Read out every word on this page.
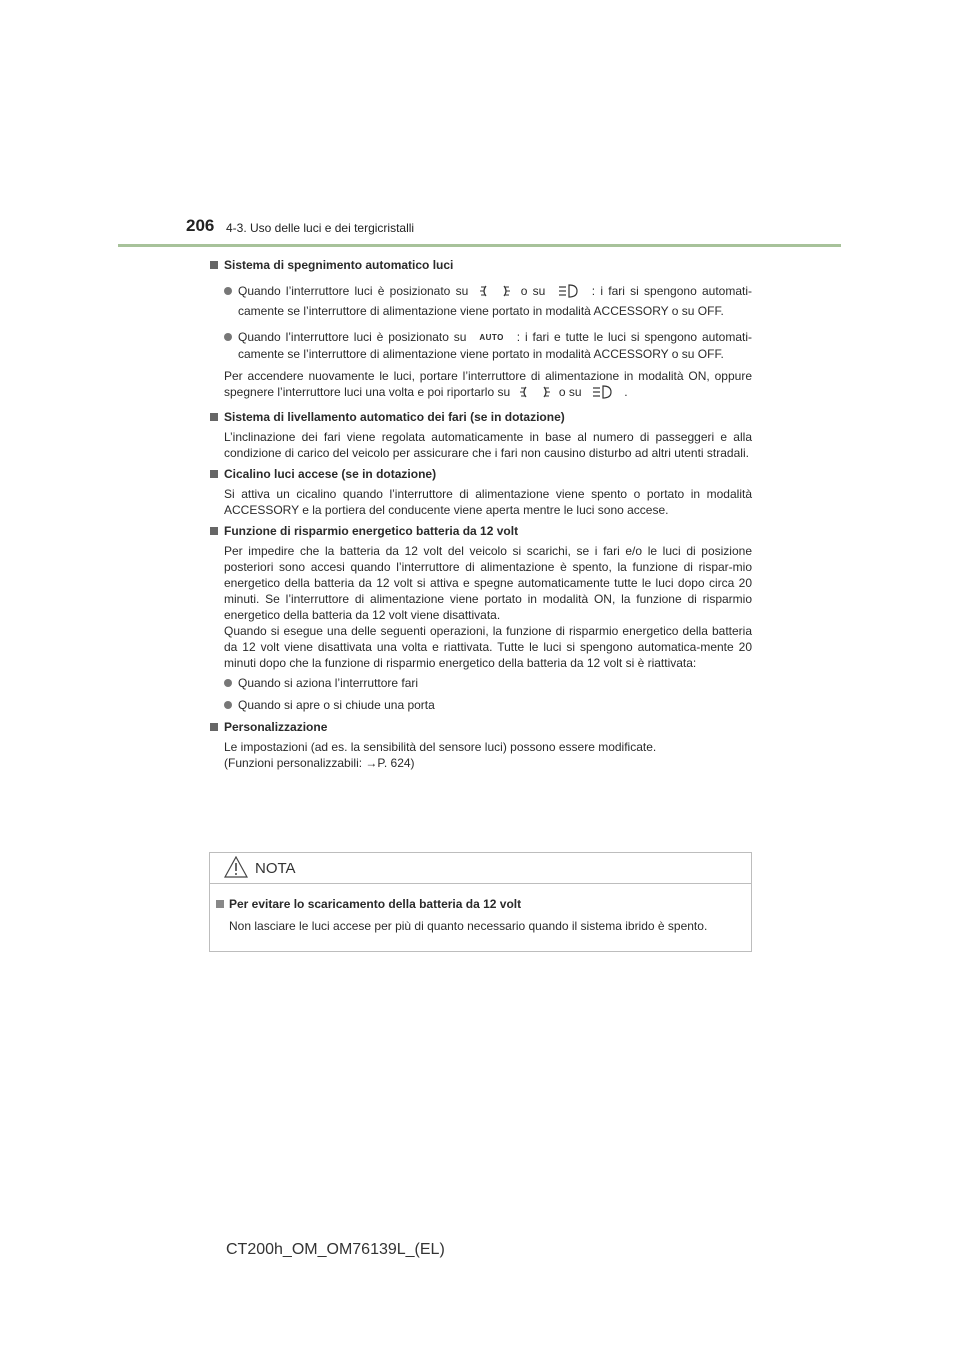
206 4-3. Uso delle luci e dei tergicristalli
Sistema di spegnimento automatico luci
Quando l’interruttore luci è posizionato su	o su	: i fari si spengono automati-camente se l’interruttore di alimentazione viene portato in modalità ACCESSORY o su OFF.
Quando l’interruttore luci è posizionato su AUTO : i fari e tutte le luci si spengono automati-camente se l’interruttore di alimentazione viene portato in modalità ACCESSORY o su OFF.
Per accendere nuovamente le luci, portare l’interruttore di alimentazione in modalità ON, oppure spegnere l’interruttore luci una volta e poi riportarlo su	o su	.
Sistema di livellamento automatico dei fari (se in dotazione)
L’inclinazione dei fari viene regolata automaticamente in base al numero di passeggeri e alla condizione di carico del veicolo per assicurare che i fari non causino disturbo ad altri utenti stradali.
Cicalino luci accese (se in dotazione)
Si attiva un cicalino quando l’interruttore di alimentazione viene spento o portato in modalità ACCESSORY e la portiera del conducente viene aperta mentre le luci sono accese.
Funzione di risparmio energetico batteria da 12 volt
Per impedire che la batteria da 12 volt del veicolo si scarichi, se i fari e/o le luci di posizione posteriori sono accesi quando l’interruttore di alimentazione è spento, la funzione di rispar-mio energetico della batteria da 12 volt si attiva e spegne automaticamente tutte le luci dopo circa 20 minuti. Se l’interruttore di alimentazione viene portato in modalità ON, la funzione di risparmio energetico della batteria da 12 volt viene disattivata.
Quando si esegue una delle seguenti operazioni, la funzione di risparmio energetico della batteria da 12 volt viene disattivata una volta e riattivata. Tutte le luci si spengono automatica-mente 20 minuti dopo che la funzione di risparmio energetico della batteria da 12 volt si è riattivata:
Quando si aziona l’interruttore fari
Quando si apre o si chiude una porta
Personalizzazione
Le impostazioni (ad es. la sensibilità del sensore luci) possono essere modificate.
(Funzioni personalizzabili: →P. 624)
NOTA
Per evitare lo scaricamento della batteria da 12 volt
Non lasciare le luci accese per più di quanto necessario quando il sistema ibrido è spento.
CT200h_OM_OM76139L_(EL)
